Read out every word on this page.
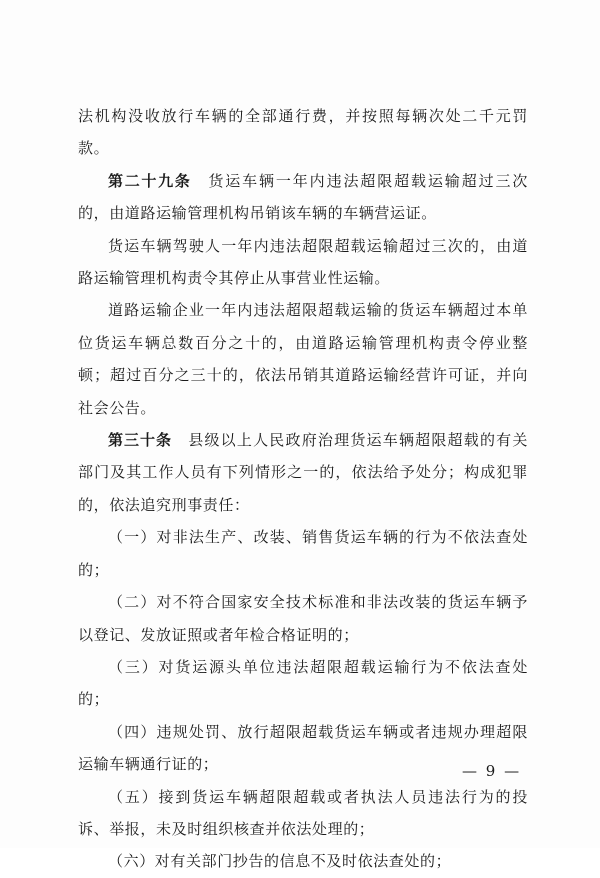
法机构没收放行车辆的全部通行费，并按照每辆次处二千元罚款。

第二十九条　货运车辆一年内违法超限超载运输超过三次的，由道路运输管理机构吊销该车辆的车辆营运证。

货运车辆驾驶人一年内违法超限超载运输超过三次的，由道路运输管理机构责令其停止从事营业性运输。

道路运输企业一年内违法超限超载运输的货运车辆超过本单位货运车辆总数百分之十的，由道路运输管理机构责令停业整顿；超过百分之三十的，依法吊销其道路运输经营许可证，并向社会公告。

第三十条　县级以上人民政府治理货运车辆超限超载的有关部门及其工作人员有下列情形之一的，依法给予处分；构成犯罪的，依法追究刑事责任：

（一）对非法生产、改装、销售货运车辆的行为不依法查处的；

（二）对不符合国家安全技术标准和非法改装的货运车辆予以登记、发放证照或者年检合格证明的；

（三）对货运源头单位违法超限超载运输行为不依法查处的；

（四）违规处罚、放行超限超载货运车辆或者违规办理超限运输车辆通行证的；

（五）接到货运车辆超限超载或者执法人员违法行为的投诉、举报，未及时组织核查并依法处理的；

（六）对有关部门抄告的信息不及时依法查处的；

— 9 —
